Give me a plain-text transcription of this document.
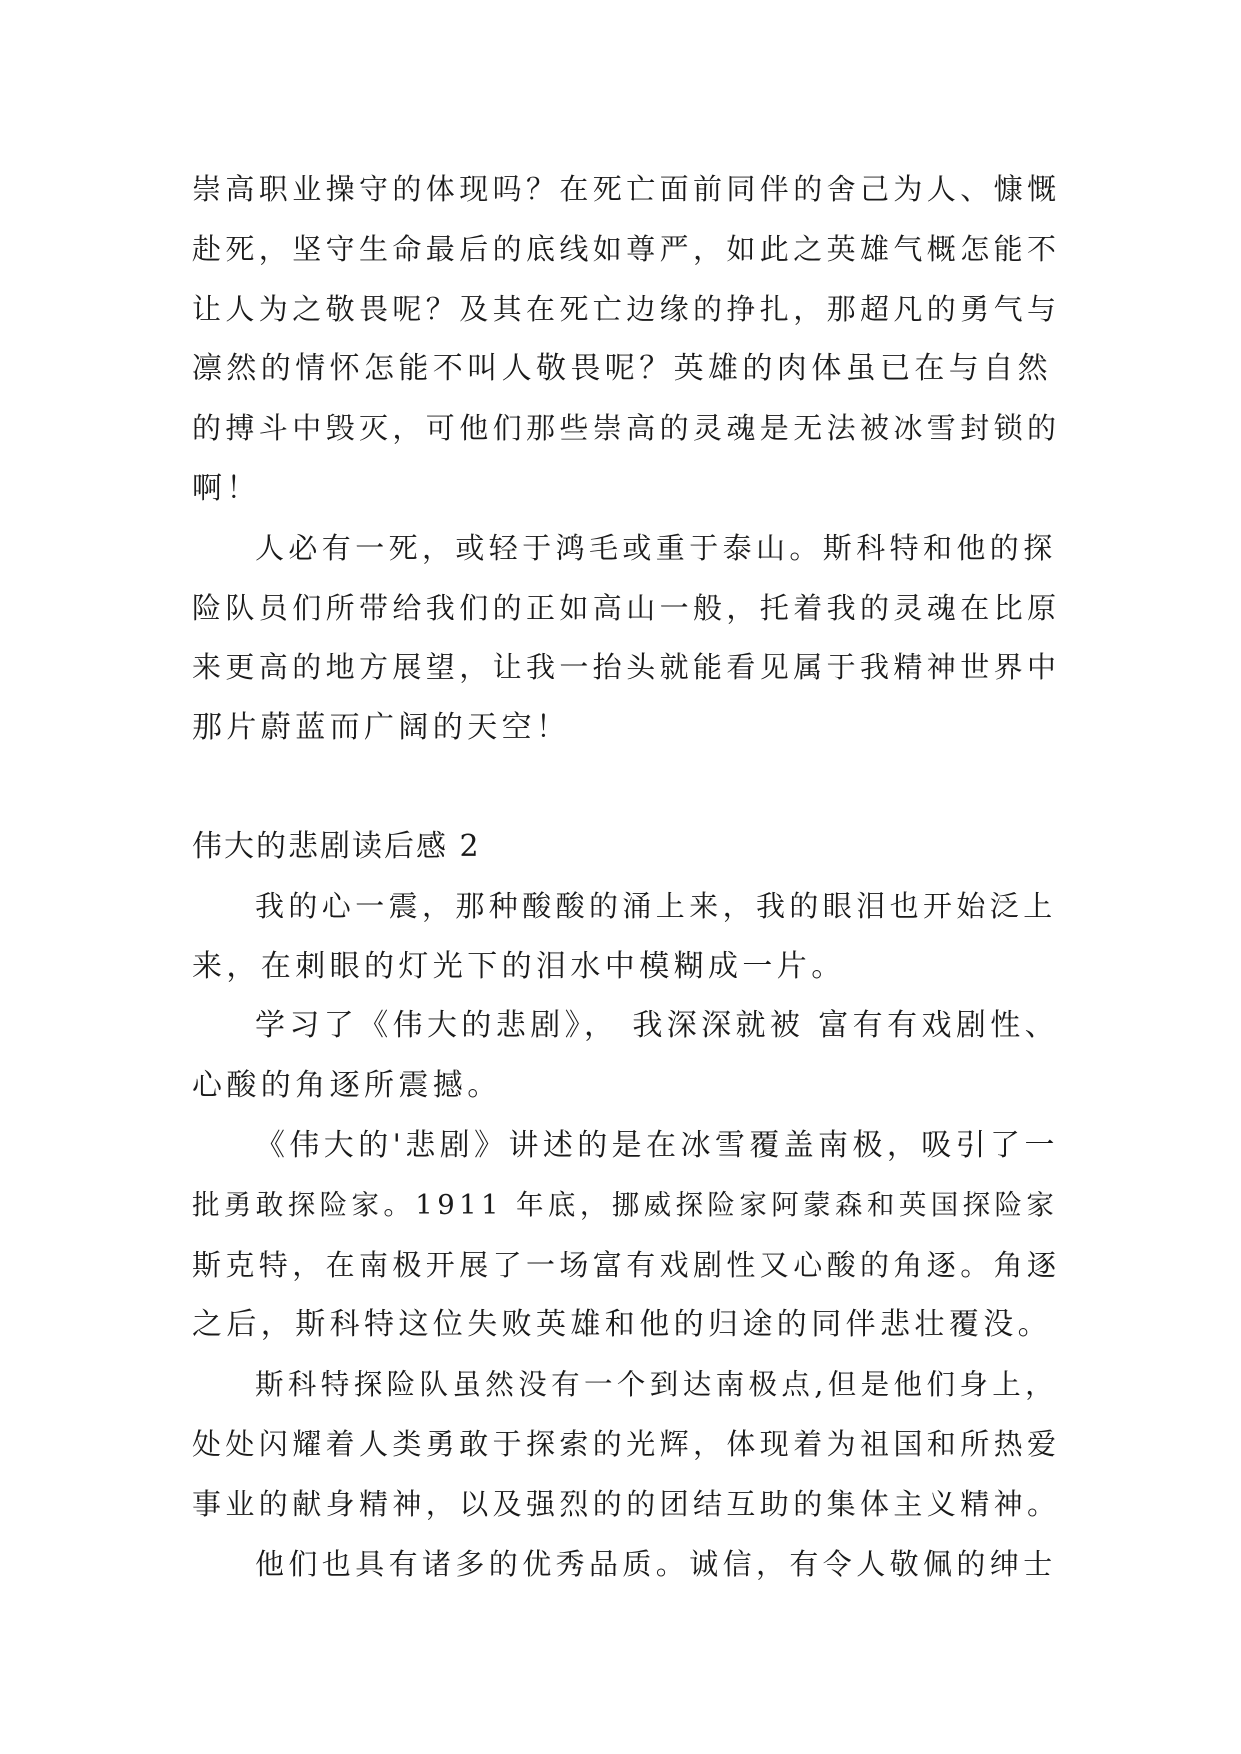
崇高职业操守的体现吗？在死亡面前同伴的舍己为人、慷慨
赴死，坚守生命最后的底线如尊严，如此之英雄气概怎能不
让人为之敬畏呢？及其在死亡边缘的挣扎，那超凡的勇气与
凛然的情怀怎能不叫人敬畏呢？英雄的肉体虽已在与自然
的搏斗中毁灭，可他们那些崇高的灵魂是无法被冰雪封锁的
啊！
人必有一死，或轻于鸿毛或重于泰山。斯科特和他的探
险队员们所带给我们的正如高山一般，托着我的灵魂在比原
来更高的地方展望，让我一抬头就能看见属于我精神世界中
那片蔚蓝而广阔的天空！
伟大的悲剧读后感 2
我的心一震，那种酸酸的涌上来，我的眼泪也开始泛上
来，在刺眼的灯光下的泪水中模糊成一片。
学习了《伟大的悲剧》， 我深深就被 富有有戏剧性、
心酸的角逐所震撼。
《伟大的'悲剧》讲述的是在冰雪覆盖南极，吸引了一
批勇敢探险家。1911 年底，挪威探险家阿蒙森和英国探险家
斯克特，在南极开展了一场富有戏剧性又心酸的角逐。角逐
之后，斯科特这位失败英雄和他的归途的同伴悲壮覆没。
斯科特探险队虽然没有一个到达南极点,但是他们身上，
处处闪耀着人类勇敢于探索的光辉，体现着为祖国和所热爱
事业的献身精神，以及强烈的的团结互助的集体主义精神。
他们也具有诸多的优秀品质。诚信，有令人敬佩的绅士
